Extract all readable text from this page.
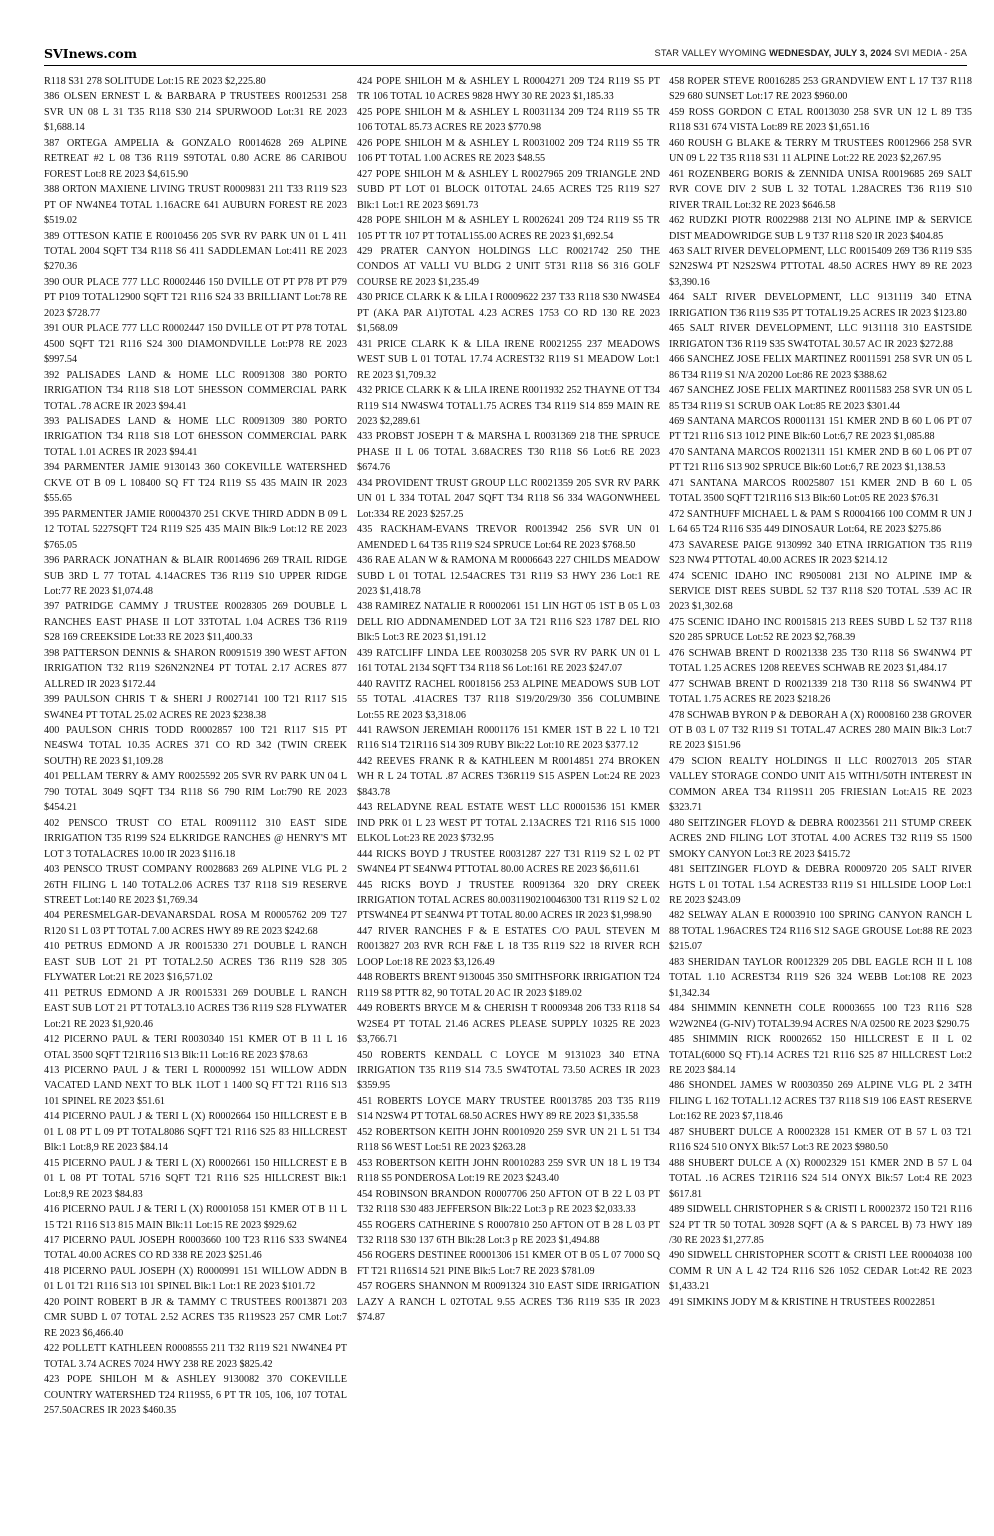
SVInews.com	STAR VALLEY WYOMING WEDNESDAY, JULY 3, 2024 SVI MEDIA - 25A

R118 S31 278 SOLITUDE Lot:15 RE 2023 $2,225.80

386 OLSEN ERNEST L & BARBARA P TRUSTEES R0012531 258 SVR UN 08 L 31 T35 R118 S30 214 SPURWOOD Lot:31 RE 2023 $1,688.14

387 ORTEGA AMPELIA & GONZALO R0014628 269 ALPINE RETREAT #2 L 08 T36 R119 S9TOTAL 0.80 ACRE 86 CARIBOU FOREST Lot:8 RE 2023 $4,615.90

388 ORTON MAXIENE LIVING TRUST R0009831 211 T33 R119 S23 PT OF NW4NE4 TOTAL 1.16ACRE 641 AUBURN FOREST RE 2023 $519.02

389 OTTESON KATIE E R0010456 205 SVR RV PARK UN 01 L 411 TOTAL 2004 SQFT T34 R118 S6 411 SADDLEMAN Lot:411 RE 2023 $270.36

390 OUR PLACE 777 LLC R0002446 150 DVILLE OT PT P78 PT P79 PT P109 TOTAL12900 SQFT T21 R116 S24 33 BRILLIANT Lot:78 RE 2023 $728.77

391 OUR PLACE 777 LLC R0002447 150 DVILLE OT PT P78 TOTAL 4500 SQFT T21 R116 S24 300 DIAMONDVILLE Lot:P78 RE 2023 $997.54

392 PALISADES LAND & HOME LLC R0091308 380 PORTO IRRIGATION T34 R118 S18 LOT 5HESSON COMMERCIAL PARK TOTAL .78 ACRE IR 2023 $94.41

393 PALISADES LAND & HOME LLC R0091309 380 PORTO IRRIGATION T34 R118 S18 LOT 6HESSON COMMERCIAL PARK TOTAL 1.01 ACRES IR 2023 $94.41

394 PARMENTER JAMIE 9130143 360 COKEVILLE WATERSHED CKVE OT B 09 L 108400 SQ FT T24 R119 S5 435 MAIN IR 2023 $55.65

395 PARMENTER JAMIE R0004370 251 CKVE THIRD ADDN B 09 L 12 TOTAL 5227SQFT T24 R119 S25 435 MAIN Blk:9 Lot:12 RE 2023 $765.05

396 PARRACK JONATHAN & BLAIR R0014696 269 TRAIL RIDGE SUB 3RD L 77 TOTAL 4.14ACRES T36 R119 S10 UPPER RIDGE Lot:77 RE 2023 $1,074.48

397 PATRIDGE CAMMY J TRUSTEE R0028305 269 DOUBLE L RANCHES EAST PHASE II LOT 33TOTAL 1.04 ACRES T36 R119 S28 169 CREEKSIDE Lot:33 RE 2023 $11,400.33

398 PATTERSON DENNIS & SHARON R0091519 390 WEST AFTON IRRIGATION T32 R119 S26N2N2NE4 PT TOTAL 2.17 ACRES 877 ALLRED IR 2023 $172.44

399 PAULSON CHRIS T & SHERI J R0027141 100 T21 R117 S15 SW4NE4 PT TOTAL 25.02 ACRES RE 2023 $238.38

400 PAULSON CHRIS TODD R0002857 100 T21 R117 S15 PT NE4SW4 TOTAL 10.35 ACRES 371 CO RD 342 (TWIN CREEK SOUTH) RE 2023 $1,109.28

401 PELLAM TERRY & AMY R0025592 205 SVR RV PARK UN 04 L 790 TOTAL 3049 SQFT T34 R118 S6 790 RIM Lot:790 RE 2023 $454.21

402 PENSCO TRUST CO ETAL R0091112 310 EAST SIDE IRRIGATION T35 R199 S24 ELKRIDGE RANCHES @ HENRY'S MT LOT 3 TOTALACRES 10.00 IR 2023 $116.18

403 PENSCO TRUST COMPANY R0028683 269 ALPINE VLG PL 2 26TH FILING L 140 TOTAL2.06 ACRES T37 R118 S19 RESERVE STREET Lot:140 RE 2023 $1,769.34

404 PERESMELGAR-DEVANARSDAL ROSA M R0005762 209 T27 R120 S1 L 03 PT TOTAL 7.00 ACRES HWY 89 RE 2023 $242.68

410 PETRUS EDMOND A JR R0015330 271 DOUBLE L RANCH EAST SUB LOT 21 PT TOTAL2.50 ACRES T36 R119 S28 305 FLYWATER Lot:21 RE 2023 $16,571.02

411 PETRUS EDMOND A JR R0015331 269 DOUBLE L RANCH EAST SUB LOT 21 PT TOTAL3.10 ACRES T36 R119 S28 FLYWATER Lot:21 RE 2023 $1,920.46

412 PICERNO PAUL & TERI R0030340 151 KMER OT B 11 L 16 OTAL 3500 SQFT T21R116 S13 Blk:11 Lot:16 RE 2023 $78.63

413 PICERNO PAUL J & TERI L R0000992 151 WILLOW ADDN VACATED LAND NEXT TO BLK 1LOT 1 1400 SQ FT T21 R116 S13 101 SPINEL RE 2023 $51.61

414 PICERNO PAUL J & TERI L (X) R0002664 150 HILLCREST E B 01 L 08 PT L 09 PT TOTAL8086 SQFT T21 R116 S25 83 HILLCREST Blk:1 Lot:8,9 RE 2023 $84.14

415 PICERNO PAUL J & TERI L (X) R0002661 150 HILLCREST E B 01 L 08 PT TOTAL 5716 SQFT T21 R116 S25 HILLCREST Blk:1 Lot:8,9 RE 2023 $84.83

416 PICERNO PAUL J & TERI L (X) R0001058 151 KMER OT B 11 L 15 T21 R116 S13 815 MAIN Blk:11 Lot:15 RE 2023 $929.62

417 PICERNO PAUL JOSEPH R0003660 100 T23 R116 S33 SW4NE4 TOTAL 40.00 ACRES CO RD 338 RE 2023 $251.46

418 PICERNO PAUL JOSEPH (X) R0000991 151 WILLOW ADDN B 01 L 01 T21 R116 S13 101 SPINEL Blk:1 Lot:1 RE 2023 $101.72

420 POINT ROBERT B JR & TAMMY C TRUSTEES R0013871 203 CMR SUBD L 07 TOTAL 2.52 ACRES T35 R119S23 257 CMR Lot:7 RE 2023 $6,466.40

422 POLLETT KATHLEEN R0008555 211 T32 R119 S21 NW4NE4 PT TOTAL 3.74 ACRES 7024 HWY 238 RE 2023 $825.42

423 POPE SHILOH M & ASHLEY 9130082 370 COKEVILLE COUNTRY WATERSHED T24 R119S5, 6 PT TR 105, 106, 107 TOTAL 257.50ACRES IR 2023 $460.35

424 POPE SHILOH M & ASHLEY L R0004271 209 T24 R119 S5 PT TR 106 TOTAL 10 ACRES 9828 HWY 30 RE 2023 $1,185.33

425 POPE SHILOH M & ASHLEY L R0031134 209 T24 R119 S5 TR 106 TOTAL 85.73 ACRES RE 2023 $770.98

426 POPE SHILOH M & ASHLEY L R0031002 209 T24 R119 S5 TR 106 PT TOTAL 1.00 ACRES RE 2023 $48.55

427 POPE SHILOH M & ASHLEY L R0027965 209 TRIANGLE 2ND SUBD PT LOT 01 BLOCK 01TOTAL 24.65 ACRES T25 R119 S27 Blk:1 Lot:1 RE 2023 $691.73

428 POPE SHILOH M & ASHLEY L R0026241 209 T24 R119 S5 TR 105 PT TR 107 PT TOTAL155.00 ACRES RE 2023 $1,692.54

429 PRATER CANYON HOLDINGS LLC R0021742 250 THE CONDOS AT VALLI VU BLDG 2 UNIT 5T31 R118 S6 316 GOLF COURSE RE 2023 $1,235.49

430 PRICE CLARK K & LILA I R0009622 237 T33 R118 S30 NW4SE4 PT (AKA PAR A1)TOTAL 4.23 ACRES 1753 CO RD 130 RE 2023 $1,568.09

431 PRICE CLARK K & LILA IRENE R0021255 237 MEADOWS WEST SUB L 01 TOTAL 17.74 ACREST32 R119 S1 MEADOW Lot:1 RE 2023 $1,709.32

432 PRICE CLARK K & LILA IRENE R0011932 252 THAYNE OT T34 R119 S14 NW4SW4 TOTAL1.75 ACRES T34 R119 S14 859 MAIN RE 2023 $2,289.61

433 PROBST JOSEPH T & MARSHA L R0031369 218 THE SPRUCE PHASE II L 06 TOTAL 3.68ACRES T30 R118 S6 Lot:6 RE 2023 $674.76

434 PROVIDENT TRUST GROUP LLC R0021359 205 SVR RV PARK UN 01 L 334 TOTAL 2047 SQFT T34 R118 S6 334 WAGONWHEEL Lot:334 RE 2023 $257.25

435 RACKHAM-EVANS TREVOR R0013942 256 SVR UN 01 AMENDED L 64 T35 R119 S24 SPRUCE Lot:64 RE 2023 $768.50

436 RAE ALAN W & RAMONA M R0006643 227 CHILDS MEADOW SUBD L 01 TOTAL 12.54ACRES T31 R119 S3 HWY 236 Lot:1 RE 2023 $1,418.78

438 RAMIREZ NATALIE R R0002061 151 LIN HGT 05 1ST B 05 L 03 DELL RIO ADDNAMENDED LOT 3A T21 R116 S23 1787 DEL RIO Blk:5 Lot:3 RE 2023 $1,191.12

439 RATCLIFF LINDA LEE R0030258 205 SVR RV PARK UN 01 L 161 TOTAL 2134 SQFT T34 R118 S6 Lot:161 RE 2023 $247.07

440 RAVITZ RACHEL R0018156 253 ALPINE MEADOWS SUB LOT 55 TOTAL .41ACRES T37 R118 S19/20/29/30 356 COLUMBINE Lot:55 RE 2023 $3,318.06

441 RAWSON JEREMIAH R0001176 151 KMER 1ST B 22 L 10 T21 R116 S14 T21R116 S14 309 RUBY Blk:22 Lot:10 RE 2023 $377.12

442 REEVES FRANK R & KATHLEEN M R0014851 274 BROKEN WH R L 24 TOTAL .87 ACRES T36R119 S15 ASPEN Lot:24 RE 2023 $843.78

443 RELADYNE REAL ESTATE WEST LLC R0001536 151 KMER IND PRK 01 L 23 WEST PT TOTAL 2.13ACRES T21 R116 S15 1000 ELKOL Lot:23 RE 2023 $732.95

444 RICKS BOYD J TRUSTEE R0031287 227 T31 R119 S2 L 02 PT SW4NE4 PT SE4NW4 PTTOTAL 80.00 ACRES RE 2023 $6,611.61

445 RICKS BOYD J TRUSTEE R0091364 320 DRY CREEK IRRIGATION TOTAL ACRES 80.0031190210046300 T31 R119 S2 L 02 PTSW4NE4 PT SE4NW4 PT TOTAL 80.00 ACRES IR 2023 $1,998.90

447 RIVER RANCHES F & E ESTATES C/O PAUL STEVEN M R0013827 203 RVR RCH F&E L 18 T35 R119 S22 18 RIVER RCH LOOP Lot:18 RE 2023 $3,126.49

448 ROBERTS BRENT 9130045 350 SMITHSFORK IRRIGATION T24 R119 S8 PTTR 82, 90 TOTAL 20 AC IR 2023 $189.02

449 ROBERTS BRYCE M & CHERISH T R0009348 206 T33 R118 S4 W2SE4 PT TOTAL 21.46 ACRES PLEASE SUPPLY 10325 RE 2023 $3,766.71

450 ROBERTS KENDALL C LOYCE M 9131023 340 ETNA IRRIGATION T35 R119 S14 73.5 SW4TOTAL 73.50 ACRES IR 2023 $359.95

451 ROBERTS LOYCE MARY TRUSTEE R0013785 203 T35 R119 S14 N2SW4 PT TOTAL 68.50 ACRES HWY 89 RE 2023 $1,335.58

452 ROBERTSON KEITH JOHN R0010920 259 SVR UN 21 L 51 T34 R118 S6 WEST Lot:51 RE 2023 $263.28

453 ROBERTSON KEITH JOHN R0010283 259 SVR UN 18 L 19 T34 R118 S5 PONDEROSA Lot:19 RE 2023 $243.40

454 ROBINSON BRANDON R0007706 250 AFTON OT B 22 L 03 PT T32 R118 S30 483 JEFFERSON Blk:22 Lot:3 p RE 2023 $2,033.33

455 ROGERS CATHERINE S R0007810 250 AFTON OT B 28 L 03 PT T32 R118 S30 137 6TH Blk:28 Lot:3 p RE 2023 $1,494.88

456 ROGERS DESTINEE R0001306 151 KMER OT B 05 L 07 7000 SQ FT T21 R116S14 521 PINE Blk:5 Lot:7 RE 2023 $781.09

457 ROGERS SHANNON M R0091324 310 EAST SIDE IRRIGATION LAZY A RANCH L 02TOTAL 9.55 ACRES T36 R119 S35 IR 2023 $74.87

458 ROPER STEVE R0016285 253 GRANDVIEW ENT L 17 T37 R118 S29 680 SUNSET Lot:17 RE 2023 $960.00

459 ROSS GORDON C ETAL R0013030 258 SVR UN 12 L 89 T35 R118 S31 674 VISTA Lot:89 RE 2023 $1,651.16

460 ROUSH G BLAKE & TERRY M TRUSTEES R0012966 258 SVR UN 09 L 22 T35 R118 S31 11 ALPINE Lot:22 RE 2023 $2,267.95

461 ROZENBERG BORIS & ZENNIDA UNISA R0019685 269 SALT RVR COVE DIV 2 SUB L 32 TOTAL 1.28ACRES T36 R119 S10 RIVER TRAIL Lot:32 RE 2023 $646.58

462 RUDZKI PIOTR R0022988 213I NO ALPINE IMP & SERVICE DIST MEADOWRIDGE SUB L 9 T37 R118 S20 IR 2023 $404.85

463 SALT RIVER DEVELOPMENT, LLC R0015409 269 T36 R119 S35 S2N2SW4 PT N2S2SW4 PTTOTAL 48.50 ACRES HWY 89 RE 2023 $3,390.16

464 SALT RIVER DEVELOPMENT, LLC 9131119 340 ETNA IRRIGATION T36 R119 S35 PT TOTAL19.25 ACRES IR 2023 $123.80

465 SALT RIVER DEVELOPMENT, LLC 9131118 310 EASTSIDE IRRIGATON T36 R119 S35 SW4TOTAL 30.57 AC IR 2023 $272.88

466 SANCHEZ JOSE FELIX MARTINEZ R0011591 258 SVR UN 05 L 86 T34 R119 S1 N/A 20200 Lot:86 RE 2023 $388.62

467 SANCHEZ JOSE FELIX MARTINEZ R0011583 258 SVR UN 05 L 85 T34 R119 S1 SCRUB OAK Lot:85 RE 2023 $301.44

469 SANTANA MARCOS R0001131 151 KMER 2ND B 60 L 06 PT 07 PT T21 R116 S13 1012 PINE Blk:60 Lot:6,7 RE 2023 $1,085.88

470 SANTANA MARCOS R0021311 151 KMER 2ND B 60 L 06 PT 07 PT T21 R116 S13 902 SPRUCE Blk:60 Lot:6,7 RE 2023 $1,138.53

471 SANTANA MARCOS R0025807 151 KMER 2ND B 60 L 05 TOTAL 3500 SQFT T21R116 S13 Blk:60 Lot:05 RE 2023 $76.31

472 SANTHUFF MICHAEL L & PAM S R0004166 100 COMM R UN J L 64 65 T24 R116 S35 449 DINOSAUR Lot:64, RE 2023 $275.86

473 SAVARESE PAIGE 9130992 340 ETNA IRRIGATION T35 R119 S23 NW4 PTTOTAL 40.00 ACRES IR 2023 $214.12

474 SCENIC IDAHO INC R9050081 213I NO ALPINE IMP & SERVICE DIST REES SUBDL 52 T37 R118 S20 TOTAL .539 AC IR 2023 $1,302.68

475 SCENIC IDAHO INC R0015815 213 REES SUBD L 52 T37 R118 S20 285 SPRUCE Lot:52 RE 2023 $2,768.39

476 SCHWAB BRENT D R0021338 235 T30 R118 S6 SW4NW4 PT TOTAL 1.25 ACRES 1208 REEVES SCHWAB RE 2023 $1,484.17

477 SCHWAB BRENT D R0021339 218 T30 R118 S6 SW4NW4 PT TOTAL 1.75 ACRES RE 2023 $218.26

478 SCHWAB BYRON P & DEBORAH A (X) R0008160 238 GROVER OT B 03 L 07 T32 R119 S1 TOTAL.47 ACRES 280 MAIN Blk:3 Lot:7 RE 2023 $151.96

479 SCION REALTY HOLDINGS II LLC R0027013 205 STAR VALLEY STORAGE CONDO UNIT A15 WITH1/50TH INTEREST IN COMMON AREA T34 R119S11 205 FRIESIAN Lot:A15 RE 2023 $323.71

480 SEITZINGER FLOYD & DEBRA R0023561 211 STUMP CREEK ACRES 2ND FILING LOT 3TOTAL 4.00 ACRES T32 R119 S5 1500 SMOKY CANYON Lot:3 RE 2023 $415.72

481 SEITZINGER FLOYD & DEBRA R0009720 205 SALT RIVER HGTS L 01 TOTAL 1.54 ACREST33 R119 S1 HILLSIDE LOOP Lot:1 RE 2023 $243.09

482 SELWAY ALAN E R0003910 100 SPRING CANYON RANCH L 88 TOTAL 1.96ACRES T24 R116 S12 SAGE GROUSE Lot:88 RE 2023 $215.07

483 SHERIDAN TAYLOR R0012329 205 DBL EAGLE RCH II L 108 TOTAL 1.10 ACREST34 R119 S26 324 WEBB Lot:108 RE 2023 $1,342.34

484 SHIMMIN KENNETH COLE R0003655 100 T23 R116 S28 W2W2NE4 (G-NIV) TOTAL39.94 ACRES N/A 02500 RE 2023 $290.75

485 SHIMMIN RICK R0002652 150 HILLCREST E II L 02 TOTAL(6000 SQ FT).14 ACRES T21 R116 S25 87 HILLCREST Lot:2 RE 2023 $84.14

486 SHONDEL JAMES W R0030350 269 ALPINE VLG PL 2 34TH FILING L 162 TOTAL1.12 ACRES T37 R118 S19 106 EAST RESERVE Lot:162 RE 2023 $7,118.46

487 SHUBERT DULCE A R0002328 151 KMER OT B 57 L 03 T21 R116 S24 510 ONYX Blk:57 Lot:3 RE 2023 $980.50

488 SHUBERT DULCE A (X) R0002329 151 KMER 2ND B 57 L 04 TOTAL .16 ACRES T21R116 S24 514 ONYX Blk:57 Lot:4 RE 2023 $617.81

489 SIDWELL CHRISTOPHER S & CRISTI L R0002372 150 T21 R116 S24 PT TR 50 TOTAL 30928 SQFT (A & S PARCEL B) 73 HWY 189 /30 RE 2023 $1,277.85

490 SIDWELL CHRISTOPHER SCOTT & CRISTI LEE R0004038 100 COMM R UN A L 42 T24 R116 S26 1052 CEDAR Lot:42 RE 2023 $1,433.21

491 SIMKINS JODY M & KRISTINE H TRUSTEES R0022851
